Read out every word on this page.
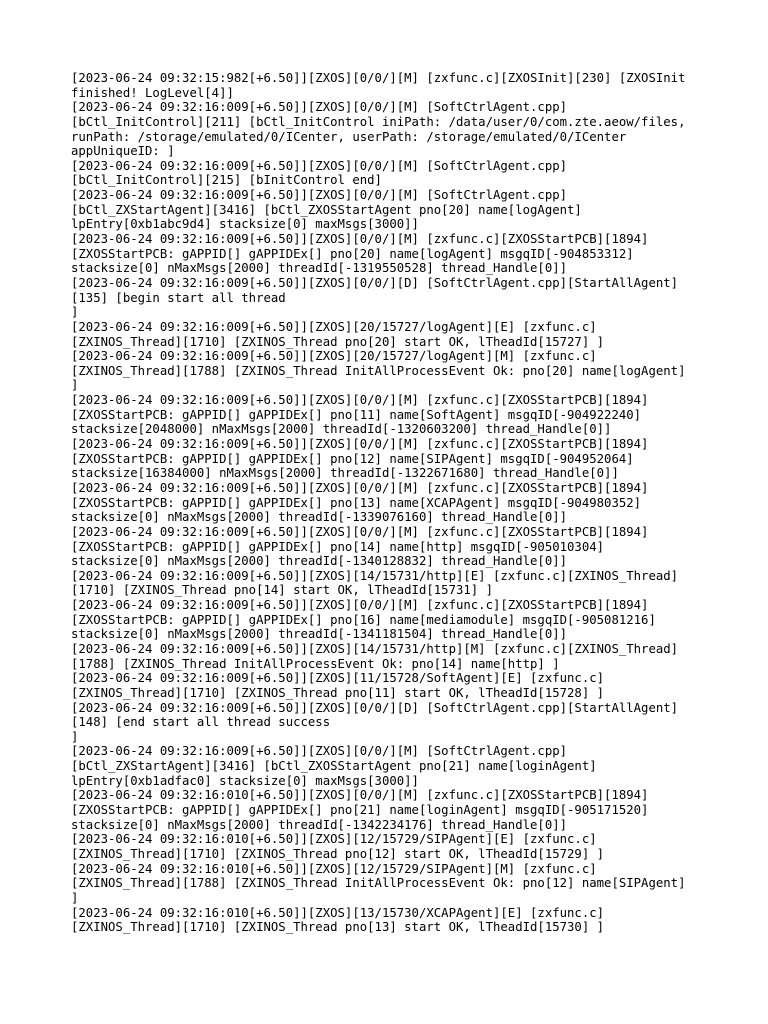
[2023-06-24 09:32:15:982[+6.50]][ZXOS][0/0/][M] [zxfunc.c][ZXOSInit][230] [ZXOSInit
finished! LogLevel[4]]
[2023-06-24 09:32:16:009[+6.50]][ZXOS][0/0/][M] [SoftCtrlAgent.cpp]
[bCtl_InitControl][211] [bCtl_InitControl iniPath: /data/user/0/com.zte.aeow/files,
runPath: /storage/emulated/0/ICenter, userPath: /storage/emulated/0/ICenter
appUniqueID: ]
[2023-06-24 09:32:16:009[+6.50]][ZXOS][0/0/][M] [SoftCtrlAgent.cpp]
[bCtl_InitControl][215] [bInitControl end]
[2023-06-24 09:32:16:009[+6.50]][ZXOS][0/0/][M] [SoftCtrlAgent.cpp]
[bCtl_ZXStartAgent][3416] [bCtl_ZXOSStartAgent pno[20] name[logAgent]
lpEntry[0xb1abc9d4] stacksize[0] maxMsgs[3000]]
[2023-06-24 09:32:16:009[+6.50]][ZXOS][0/0/][M] [zxfunc.c][ZXOSStartPCB][1894]
[ZXOSStartPCB: gAPPID[] gAPPIDEx[] pno[20] name[logAgent] msgqID[-904853312]
stacksize[0] nMaxMsgs[2000] threadId[-1319550528] thread_Handle[0]]
[2023-06-24 09:32:16:009[+6.50]][ZXOS][0/0/][D] [SoftCtrlAgent.cpp][StartAllAgent]
[135] [begin start all thread
]
[2023-06-24 09:32:16:009[+6.50]][ZXOS][20/15727/logAgent][E] [zxfunc.c]
[ZXINOS_Thread][1710] [ZXINOS_Thread pno[20] start OK, lTheadId[15727] ]
[2023-06-24 09:32:16:009[+6.50]][ZXOS][20/15727/logAgent][M] [zxfunc.c]
[ZXINOS_Thread][1788] [ZXINOS_Thread InitAllProcessEvent Ok: pno[20] name[logAgent]
]
[2023-06-24 09:32:16:009[+6.50]][ZXOS][0/0/][M] [zxfunc.c][ZXOSStartPCB][1894]
[ZXOSStartPCB: gAPPID[] gAPPIDEx[] pno[11] name[SoftAgent] msgqID[-904922240]
stacksize[2048000] nMaxMsgs[2000] threadId[-1320603200] thread_Handle[0]]
[2023-06-24 09:32:16:009[+6.50]][ZXOS][0/0/][M] [zxfunc.c][ZXOSStartPCB][1894]
[ZXOSStartPCB: gAPPID[] gAPPIDEx[] pno[12] name[SIPAgent] msgqID[-904952064]
stacksize[16384000] nMaxMsgs[2000] threadId[-1322671680] thread_Handle[0]]
[2023-06-24 09:32:16:009[+6.50]][ZXOS][0/0/][M] [zxfunc.c][ZXOSStartPCB][1894]
[ZXOSStartPCB: gAPPID[] gAPPIDEx[] pno[13] name[XCAPAgent] msgqID[-904980352]
stacksize[0] nMaxMsgs[2000] threadId[-1339076160] thread_Handle[0]]
[2023-06-24 09:32:16:009[+6.50]][ZXOS][0/0/][M] [zxfunc.c][ZXOSStartPCB][1894]
[ZXOSStartPCB: gAPPID[] gAPPIDEx[] pno[14] name[http] msgqID[-905010304]
stacksize[0] nMaxMsgs[2000] threadId[-1340128832] thread_Handle[0]]
[2023-06-24 09:32:16:009[+6.50]][ZXOS][14/15731/http][E] [zxfunc.c][ZXINOS_Thread]
[1710] [ZXINOS_Thread pno[14] start OK, lTheadId[15731] ]
[2023-06-24 09:32:16:009[+6.50]][ZXOS][0/0/][M] [zxfunc.c][ZXOSStartPCB][1894]
[ZXOSStartPCB: gAPPID[] gAPPIDEx[] pno[16] name[mediamodule] msgqID[-905081216]
stacksize[0] nMaxMsgs[2000] threadId[-1341181504] thread_Handle[0]]
[2023-06-24 09:32:16:009[+6.50]][ZXOS][14/15731/http][M] [zxfunc.c][ZXINOS_Thread]
[1788] [ZXINOS_Thread InitAllProcessEvent Ok: pno[14] name[http] ]
[2023-06-24 09:32:16:009[+6.50]][ZXOS][11/15728/SoftAgent][E] [zxfunc.c]
[ZXINOS_Thread][1710] [ZXINOS_Thread pno[11] start OK, lTheadId[15728] ]
[2023-06-24 09:32:16:009[+6.50]][ZXOS][0/0/][D] [SoftCtrlAgent.cpp][StartAllAgent]
[148] [end start all thread success
]
[2023-06-24 09:32:16:009[+6.50]][ZXOS][0/0/][M] [SoftCtrlAgent.cpp]
[bCtl_ZXStartAgent][3416] [bCtl_ZXOSStartAgent pno[21] name[loginAgent]
lpEntry[0xb1adfac0] stacksize[0] maxMsgs[3000]]
[2023-06-24 09:32:16:010[+6.50]][ZXOS][0/0/][M] [zxfunc.c][ZXOSStartPCB][1894]
[ZXOSStartPCB: gAPPID[] gAPPIDEx[] pno[21] name[loginAgent] msgqID[-905171520]
stacksize[0] nMaxMsgs[2000] threadId[-1342234176] thread_Handle[0]]
[2023-06-24 09:32:16:010[+6.50]][ZXOS][12/15729/SIPAgent][E] [zxfunc.c]
[ZXINOS_Thread][1710] [ZXINOS_Thread pno[12] start OK, lTheadId[15729] ]
[2023-06-24 09:32:16:010[+6.50]][ZXOS][12/15729/SIPAgent][M] [zxfunc.c]
[ZXINOS_Thread][1788] [ZXINOS_Thread InitAllProcessEvent Ok: pno[12] name[SIPAgent]
]
[2023-06-24 09:32:16:010[+6.50]][ZXOS][13/15730/XCAPAgent][E] [zxfunc.c]
[ZXINOS_Thread][1710] [ZXINOS_Thread pno[13] start OK, lTheadId[15730] ]
